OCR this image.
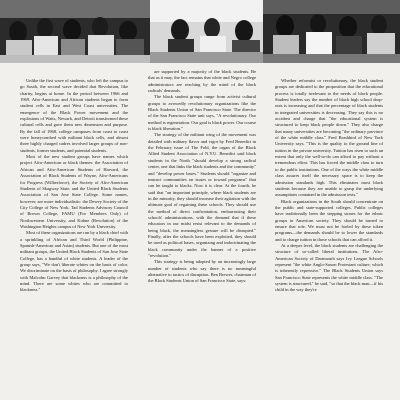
Unlike the first wave of students, who left the campus to go South, the second wave decided that Revolution, like charity, begins at home. In the period between 1966 and 1969, Afro-American and African students began to form student cells in East and West Coast universities. The emergence of the Black Power movement and the explosions of Watts, Newark, and Detroit transformed these cultural cells and gave them new dimension and purpose. By the fall of 1968, college campuses from coast to coast were honeycombed with militant black cells, and almost three highly charged cadres involved larger groups of non-students, former students, and potential students.

Most of the new student groups have names which project Afro-American or black themes: the Association of African and Afro-American Students of Harvard, the Association of Black Students of Wayne, Afro-Americans for Progress (Wilberforce), the Society of Afro-American Students of Skagway State, and the United Black Students Association of San Jose State College. Some names, however, are more individualistic: the Dewey Society of the City College of New York, Tad Students Advisory Council of Brown College, FAMU (For Members Only) of Northwestern University, and Kuhne (Revolution) of the Washington Heights campus of New York University.

Most of these organizations are run by a black chief with a sprinkling of African and Third World (Philippine, Spanish-American and Asian) students. But one of the most militant groups, the United Black Students of San Jose State College, has a handful of white students. A leader of the group says, "We don't liberate whites on the basis of color. We discriminate on the basis of philosophy. I agree strongly with Malcolm Garvey that blackness is a philosophy of the mind. There are some whites who are committed to blackness."

are supported by a majority of the black students. Be that as it may, the fact remains that white and Negro college administrators are reaching by the mind of the black radicals' demands.

The black student groups range from activist cultural groups to avowedly revolutionary organizations like the Black Students Union of San Francisco State. The director of the San Francisco State unit says, "A revolutionary. Our method is regeneration. Our goal is black power. Our course is black liberation."

The strategy of the militant wing of the movement was detailed with military flavor and vigor by Fred Benedict in the February issue of The Fold, the organ of the Black Allied Student Association of N.Y.U. Benedict said black students in the North "should develop a strong radical center, one that links the black students and the community" and "develop power bases." Students should "organize and instruct communities on issues or toward programs" that can be taught to blacks. Now it is clear. At the fourth, he said that "an important principle, where black students are in the minority, they should increase their agitation with the ultimate goal of regaining these schools. They should use the method of direct confrontation, embarrassing their schools' administrations, with the demand that if these educators in our midst resist relevant to the demands of being black, the meaningless gesture will be disrupted." Finally, after the schools have been exploited, they should be used as political bases, organizing and indoctrinating the black community under the banner of a positive "revolution."

This strategy is being adopted by an increasingly large number of students who say there is no meaningful alternative to tactics of disruption. Ben Brewer, chairman of the Black Students Union of San Francisco State, says:

Whether reformist or revolutionary, the black student groups are dedicated to the proposition that the educational process is totally irrelevant to the needs of black people. Student leaders say the number of black high school drop-outs is increasing and that the percentage of black students in integrated universities is decreasing. They say this is no accident and charge that "the educational system is structured to keep black people down." They also charge that many universities are becoming "the ordinary province of the white middle class." Fred Brashbird of New York University says, "This is the quality to the ground line of tuition in the private university. Tuition has risen to such an extent that only the well-to-do can afford to pay without a tremendous effort. This has forced the middle class to turn to the public institutions. One of the ways the white middle class assures itself the necessary space is to keep the admission standards high. This eliminates most black students because they are unable to grasp the underlying assumptions contained in the admission tests."

Black organizations in the South should concentrate on the public and state-supported colleges. Public colleges have traditionally been the stepping stones for the ethnic groups in American society. They should be turned to ensure that role. We must not be fooled by these token programs—the demands should be to lower the standards and to charge tuition in those schools that can afford it.

At a deeper level, the black students are challenging the structure of so-called liberal institutions. The Afro-American Society of Dartmouth says Ivy League Schools represent "the white Anglo-Saxon Protestant culture, which is inherently repressive." The Black Students Union says San Francisco State represents the white middle class. "The system is structured," he said, "so that the black man—if his child in the way they're
